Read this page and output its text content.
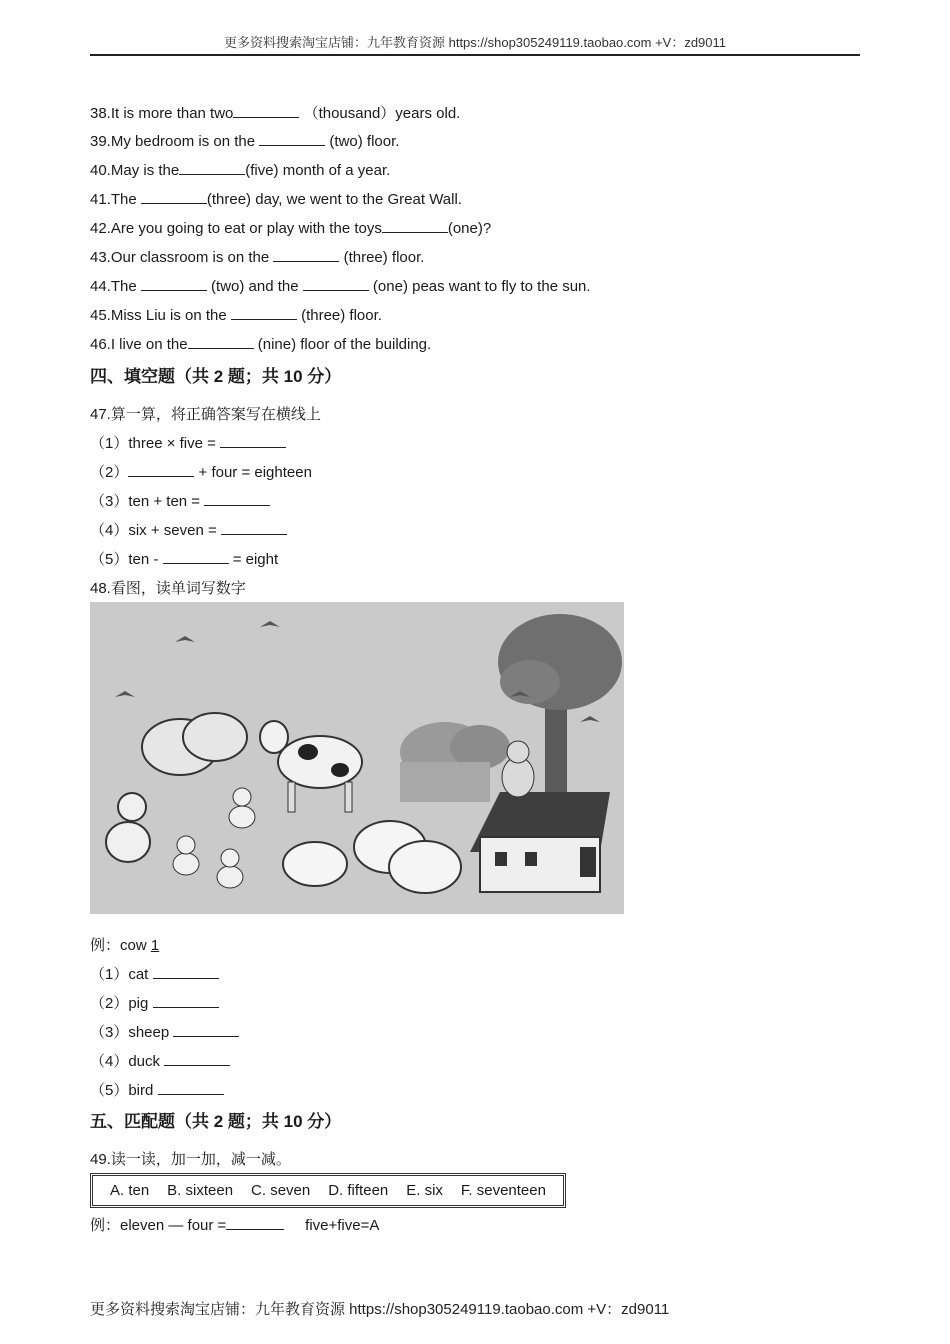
更多资料搜索淘宝店铺：九年教育资源 https://shop305249119.taobao.com +V：zd9011
38.It is more than two	（thousand）years old.
39.My bedroom is on the	(two) floor.
40.May is the	(five) month of a year.
41.The	(three) day, we went to the Great Wall.
42.Are you going to eat or play with the toys	(one)?
43.Our classroom is on the	(three) floor.
44.The	(two) and the	(one) peas want to fly to the sun.
45.Miss Liu is on the	(three) floor.
46.I live on the	(nine) floor of the building.
四、填空题（共 2 题；共 10 分）
47.算一算，将正确答案写在横线上
（1）three × five =
（2）	+ four = eighteen
（3）ten + ten =
（4）six + seven =
（5）ten -	= eight
48.看图，读单词写数字
例：cow 1
（1）cat
（2）pig
（3）sheep
（4）duck
（5）bird
五、匹配题（共 2 题；共 10 分）
49.读一读，加一加，减一减。
A. ten B. sixteen C. seven D. fifteen E. six F. seventeen
例：eleven — four =	five+five=A
更多资料搜索淘宝店铺：九年教育资源 https://shop305249119.taobao.com +V：zd9011
